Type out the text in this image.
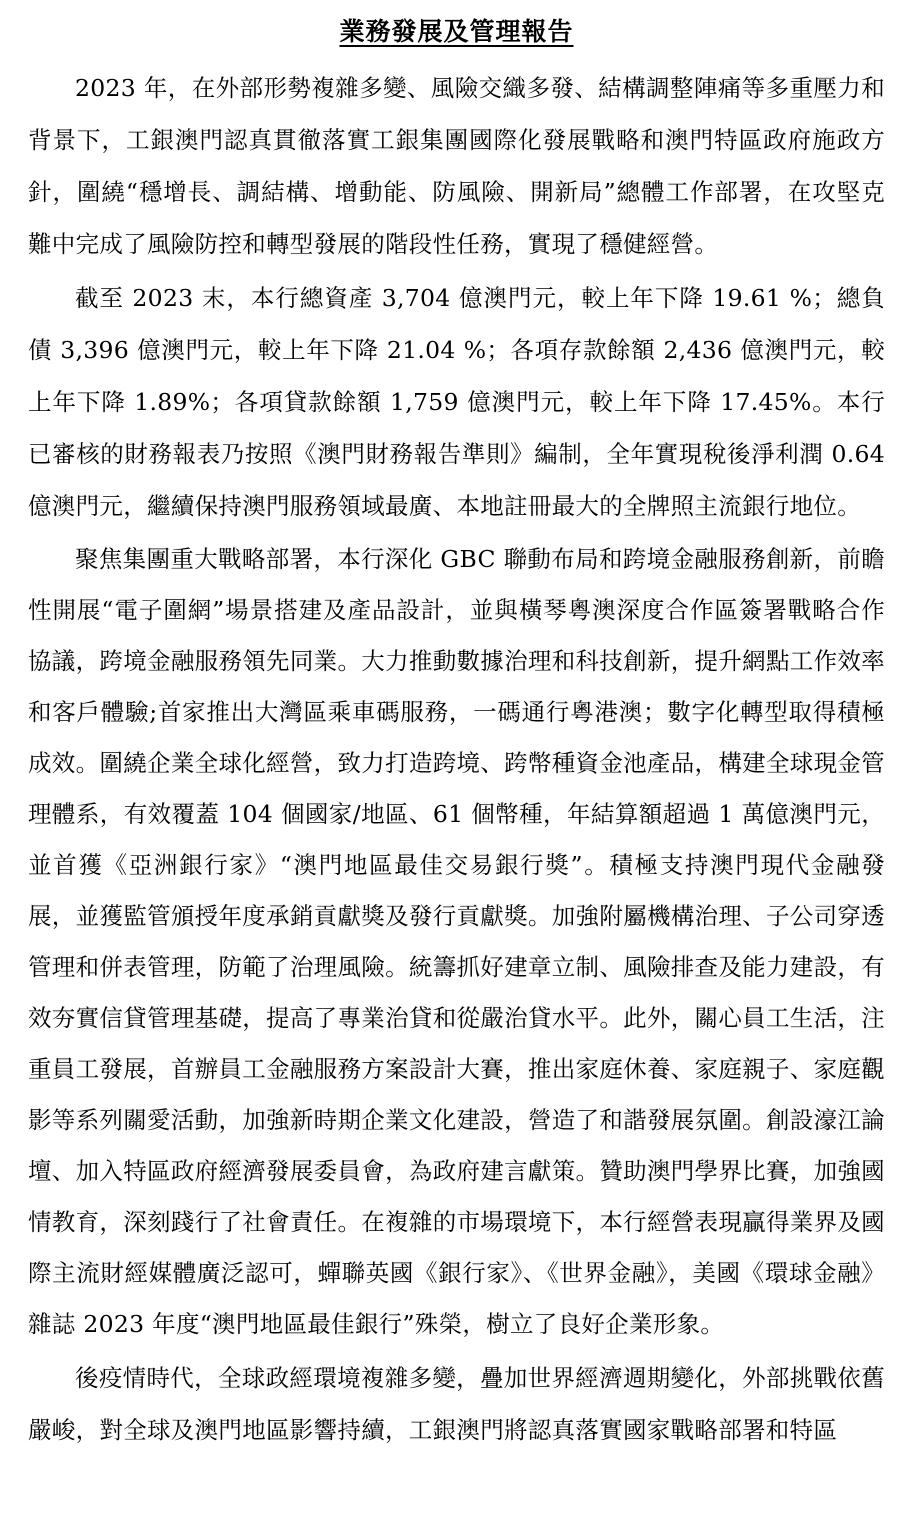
業務發展及管理報告

2023 年，在外部形勢複雜多變、風險交織多發、結構調整陣痛等多重壓力和背景下，工銀澳門認真貫徹落實工銀集團國際化發展戰略和澳門特區政府施政方針，圍繞“穩增長、調結構、增動能、防風險、開新局”總體工作部署，在攻堅克難中完成了風險防控和轉型發展的階段性任務，實現了穩健經營。

截至 2023 末，本行總資產 3,704 億澳門元，較上年下降 19.61 %；總負債 3,396 億澳門元，較上年下降 21.04 %；各項存款餘額 2,436 億澳門元，較上年下降 1.89%；各項貸款餘額 1,759 億澳門元，較上年下降 17.45%。本行已審核的財務報表乃按照《澳門財務報告準則》編制，全年實現稅後淨利潤 0.64 億澳門元，繼續保持澳門服務領域最廣、本地註冊最大的全牌照主流銀行地位。

聚焦集團重大戰略部署，本行深化 GBC 聯動布局和跨境金融服務創新，前瞻性開展“電子圍網”場景搭建及產品設計，並與橫琴粵澳深度合作區簽署戰略合作協議，跨境金融服務領先同業。大力推動數據治理和科技創新，提升網點工作效率和客戶體驗;首家推出大灣區乘車碼服務，一碼通行粵港澳；數字化轉型取得積極成效。圍繞企業全球化經營，致力打造跨境、跨幣種資金池產品，構建全球現金管理體系，有效覆蓋 104 個國家/地區、61 個幣種，年結算額超過 1 萬億澳門元，並首獲《亞洲銀行家》“澳門地區最佳交易銀行獎”。積極支持澳門現代金融發展，並獲監管頒授年度承銷貢獻獎及發行貢獻獎。加強附屬機構治理、子公司穿透管理和併表管理，防範了治理風險。統籌抓好建章立制、風險排查及能力建設，有效夯實信貸管理基礎，提高了專業治貸和從嚴治貸水平。此外，關心員工生活，注重員工發展，首辦員工金融服務方案設計大賽，推出家庭休養、家庭親子、家庭觀影等系列關愛活動，加強新時期企業文化建設，營造了和諧發展氛圍。創設濠江論壇、加入特區政府經濟發展委員會，為政府建言獻策。贊助澳門學界比賽，加強國情教育，深刻踐行了社會責任。在複雜的市場環境下，本行經營表現贏得業界及國際主流財經媒體廣泛認可，蟬聯英國《銀行家》、《世界金融》，美國《環球金融》雜誌 2023 年度“澳門地區最佳銀行”殊榮，樹立了良好企業形象。

後疫情時代，全球政經環境複雜多變，疊加世界經濟週期變化，外部挑戰依舊嚴峻，對全球及澳門地區影響持續，工銀澳門將認真落實國家戰略部署和特區
